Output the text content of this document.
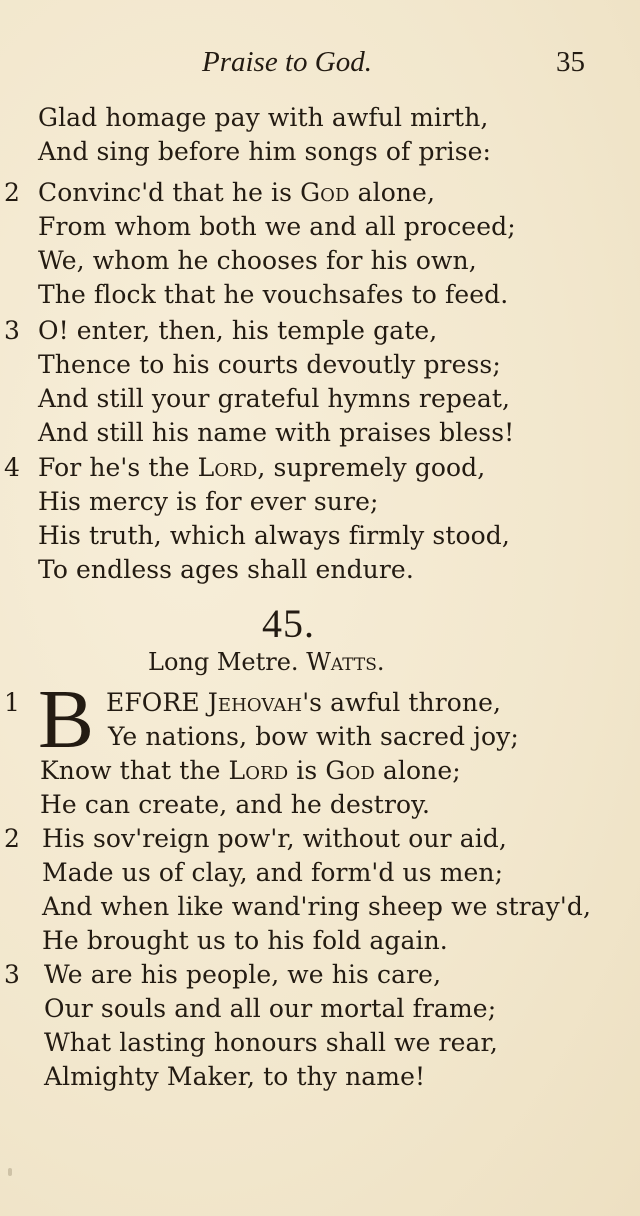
Praise to God.	35
Glad homage pay with awful mirth,
And sing before him songs of prise:
2 Convinc'd that he is God alone,
From whom both we and all proceed;
We, whom he chooses for his own,
The flock that he vouchsafes to feed.
3 O! enter, then, his temple gate,
Thence to his courts devoutly press;
And still your grateful hymns repeat,
And still his name with praises bless!
4 For he's the Lord, supremely good,
His mercy is for ever sure;
His truth, which always firmly stood,
To endless ages shall endure.
45.
Long Metre. Watts.
1	EFORE Jehovah's awful throne,
Ye nations, bow with sacred joy;
Know that the Lord is God alone;
He can create, and he destroy.
B
2 His sov'reign pow'r, without our aid,
Made us of clay, and form'd us men;
And when like wand'ring sheep we stray'd,
He brought us to his fold again.
3 We are his people, we his care,
Our souls and all our mortal frame;
What lasting honours shall we rear,
Almighty Maker, to thy name!
